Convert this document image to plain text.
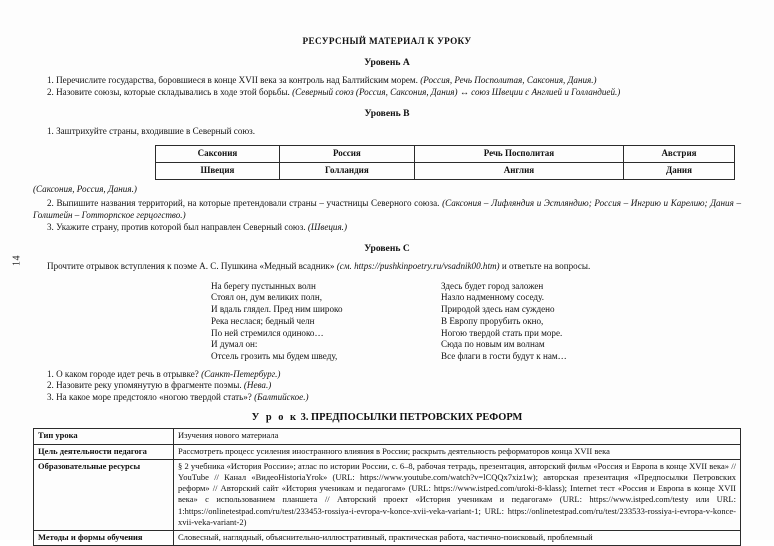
14
РЕСУРСНЫЙ МАТЕРИАЛ К УРОКУ
Уровень А
1. Перечислите государства, боровшиеся в конце XVII века за контроль над Балтийским морем. (Россия, Речь Посполитая, Саксония, Дания.)
2. Назовите союзы, которые складывались в ходе этой борьбы. (Северный союз (Россия, Саксония, Дания) ↔ союз Швеции с Англией и Голландией.)
Уровень В
1. Заштрихуйте страны, входившие в Северный союз.
Саксония	Россия	Речь Посполитая	Австрия
Швеция	Голландия	Англия	Дания
(Саксония, Россия, Дания.)
2. Выпишите названия территорий, на которые претендовали страны – участницы Северного союза. (Саксония – Лифляндия и Эстляндию; Россия – Ингрию и Карелию; Дания – Голштейн – Готторпское герцогство.)
3. Укажите страну, против которой был направлен Северный союз. (Швеция.)
Уровень С
Прочтите отрывок вступления к поэме А. С. Пушкина «Медный всадник» (см. https://pushkinpoetry.ru/vsadnik00.htm) и ответьте на вопросы.
На берегу пустынных волн
Стоял он, дум великих полн,
И вдаль глядел. Пред ним широко
Река неслася; бедный челн
По ней стремился одиноко…
И думал он:
Отсель грозить мы будем шведу,
Здесь будет город заложен
Назло надменному соседу.
Природой здесь нам суждено
В Европу прорубить окно,
Ногою твердой стать при море.
Сюда по новым им волнам
Все флаги в гости будут к нам…
1. О каком городе идет речь в отрывке? (Санкт-Петербург.)
2. Назовите реку упомянутую в фрагменте поэмы. (Нева.)
3. На какое море предстояло «ногою твердой стать»? (Балтийское.)
У р о к 3. ПРЕДПОСЫЛКИ ПЕТРОВСКИХ РЕФОРМ
Тип урока	Изучения нового материала
Цель деятельности педагога	Рассмотреть процесс усиления иностранного влияния в России; раскрыть деятельность реформаторов конца XVII века
Образовательные ресурсы	§ 2 учебника «История России»; атлас по истории России, с. 6–8, рабочая тетрадь, презентация, авторский фильм «Россия и Европа в конце XVII века» // YouTube // Канал «ВидеоHistoriaYrok» (URL: https://www.youtube.com/watch?v=lCQQx7xiz1w); авторская презентация «Предпосылки Петровских реформ» // Авторский сайт «История ученикам и педагогам» (URL: https://www.istped.com/uroki-8-klass); Internet тест «Россия и Европа в конце XVII века» с использованием планшета // Авторский проект «История ученикам и педагогам» (URL: https://www.istped.com/testy или URL: 1:https://onlinetestpad.com/ru/test/233453-rossiya-i-evropa-v-konce-xvii-veka-variant-1; URL: https://onlinetestpad.com/ru/test/233533-rossiya-i-evropa-v-konce-xvii-veka-variant-2)
Методы и формы обучения	Словесный, наглядный, объяснительно-иллюстративный, практическая работа, частично-поисковый, проблемный
